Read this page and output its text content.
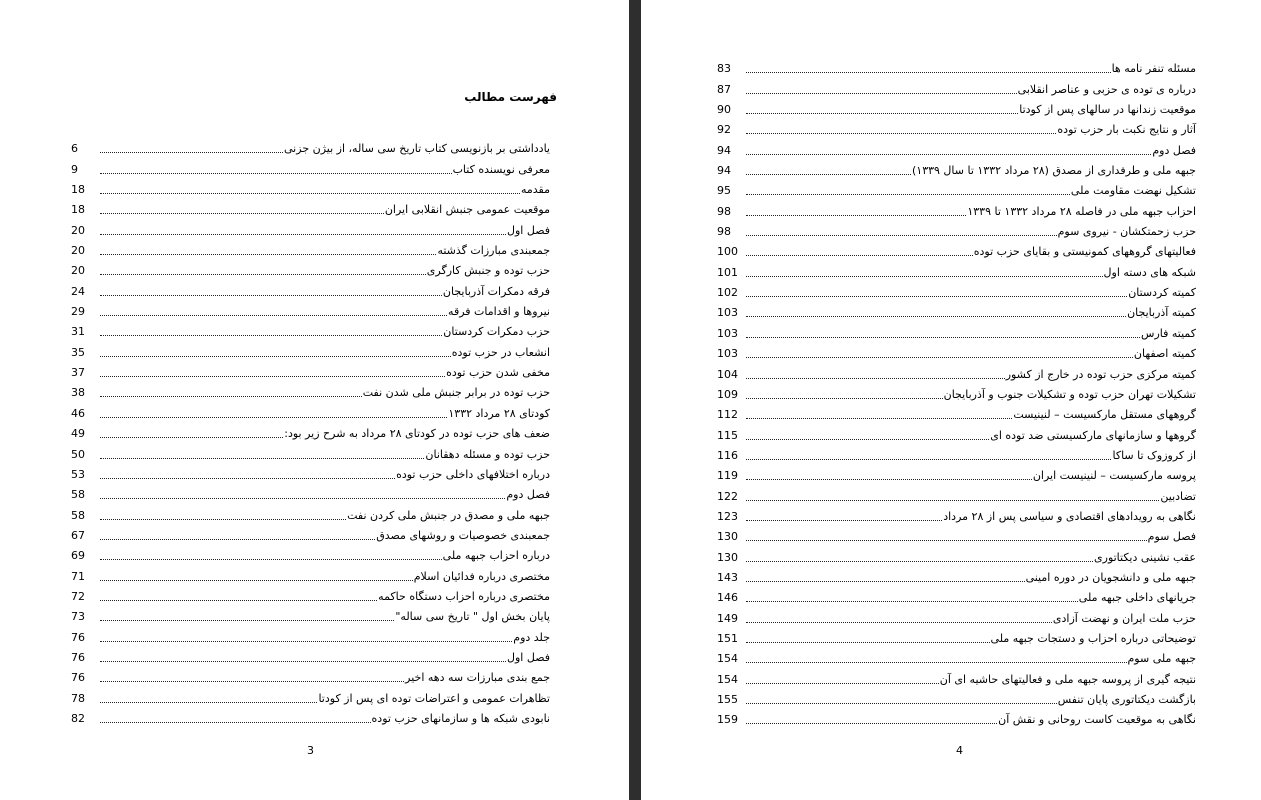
فهرست مطالب
یادداشتی بر بازنویسی کتاب تاریخ سی ساله، از بیژن جزنی
6
معرفی نویسنده کتاب
9
مقدمه
18
موقعیت عمومی جنبش انقلابی ایران
18
فصل اول
20
جمعبندی مبارزات گذشته
20
حزب توده و جنبش کارگری
20
فرقه دمکرات آذربایجان
24
نیروها و اقدامات فرقه
29
حزب دمکرات کردستان
31
انشعاب در حزب توده
35
مخفی شدن حزب توده
37
حزب توده در برابر جنبش ملی شدن نفت
38
کودتای ۲۸ مرداد ۱۳۳۲
46
ضعف های حزب توده در کودتای ۲۸ مرداد به شرح زیر بود:
49
حزب توده و مسئله دهقانان
50
درباره اختلافهای داخلی حزب توده
53
فصل دوم
58
جبهه ملی و مصدق در جنبش ملی کردن نفت
58
جمعبندی خصوصیات و روشهای مصدق
67
درباره احزاب جبهه ملی
69
مختصری درباره فدائیان اسلام
71
مختصری درباره احزاب دستگاه حاکمه
72
پایان بخش اول " تاریخ سی ساله"
73
جلد دوم
76
فصل اول
76
جمع بندی مبارزات سه دهه اخیر
76
تظاهرات عمومی و اعتراضات توده ای پس از کودتا
78
نابودی شبکه ها و سازمانهای حزب توده
82
3
مسئله تنفر نامه ها
83
درباره ی توده ی حزبی و عناصر انقلابی
87
موقعیت زندانها در سالهای پس از کودتا
90
آثار و نتایج نکبت بار حزب توده
92
فصل دوم
94
جبهه ملی و طرفداری از مصدق (۲۸ مرداد ۱۳۳۲ تا سال ۱۳۳۹)
94
تشکیل نهضت مقاومت ملی
95
احزاب جبهه ملی در فاصله ۲۸ مرداد ۱۳۳۲ تا ۱۳۳۹
98
حزب زحمتکشان - نیروی سوم
98
فعالیتهای گروههای کمونیستی و بقایای حزب توده
100
شبکه های دسته اول
101
کمیته کردستان
102
کمیته آذربایجان
103
کمیته فارس
103
کمیته اصفهان
103
کمیته مرکزی حزب توده در خارج از کشور
104
تشکیلات تهران حزب توده و تشکیلات جنوب و آذربایجان
109
گروههای مستقل مارکسیست – لنینیست
112
گروهها و سازمانهای مارکسیستی ضد توده ای
115
از کروزوک تا ساکا
116
پروسه مارکسیست – لنینیست ایران
119
تضادبین
122
نگاهی به رویدادهای اقتصادی و سیاسی پس از ۲۸ مرداد
123
فصل سوم
130
عقب نشینی دیکتاتوری
130
جبهه ملی و دانشجویان در دوره امینی
143
جریانهای داخلی جبهه ملی
146
حزب ملت ایران و نهضت آزادی
149
توضیحاتی درباره احزاب و دستجات جبهه ملی
151
جبهه ملی سوم
154
نتیجه گیری از پروسه جبهه ملی و فعالیتهای حاشیه ای آن
154
بازگشت دیکتاتوری پایان تنفس
155
نگاهی به موقعیت کاست روحانی و نقش آن
159
4
